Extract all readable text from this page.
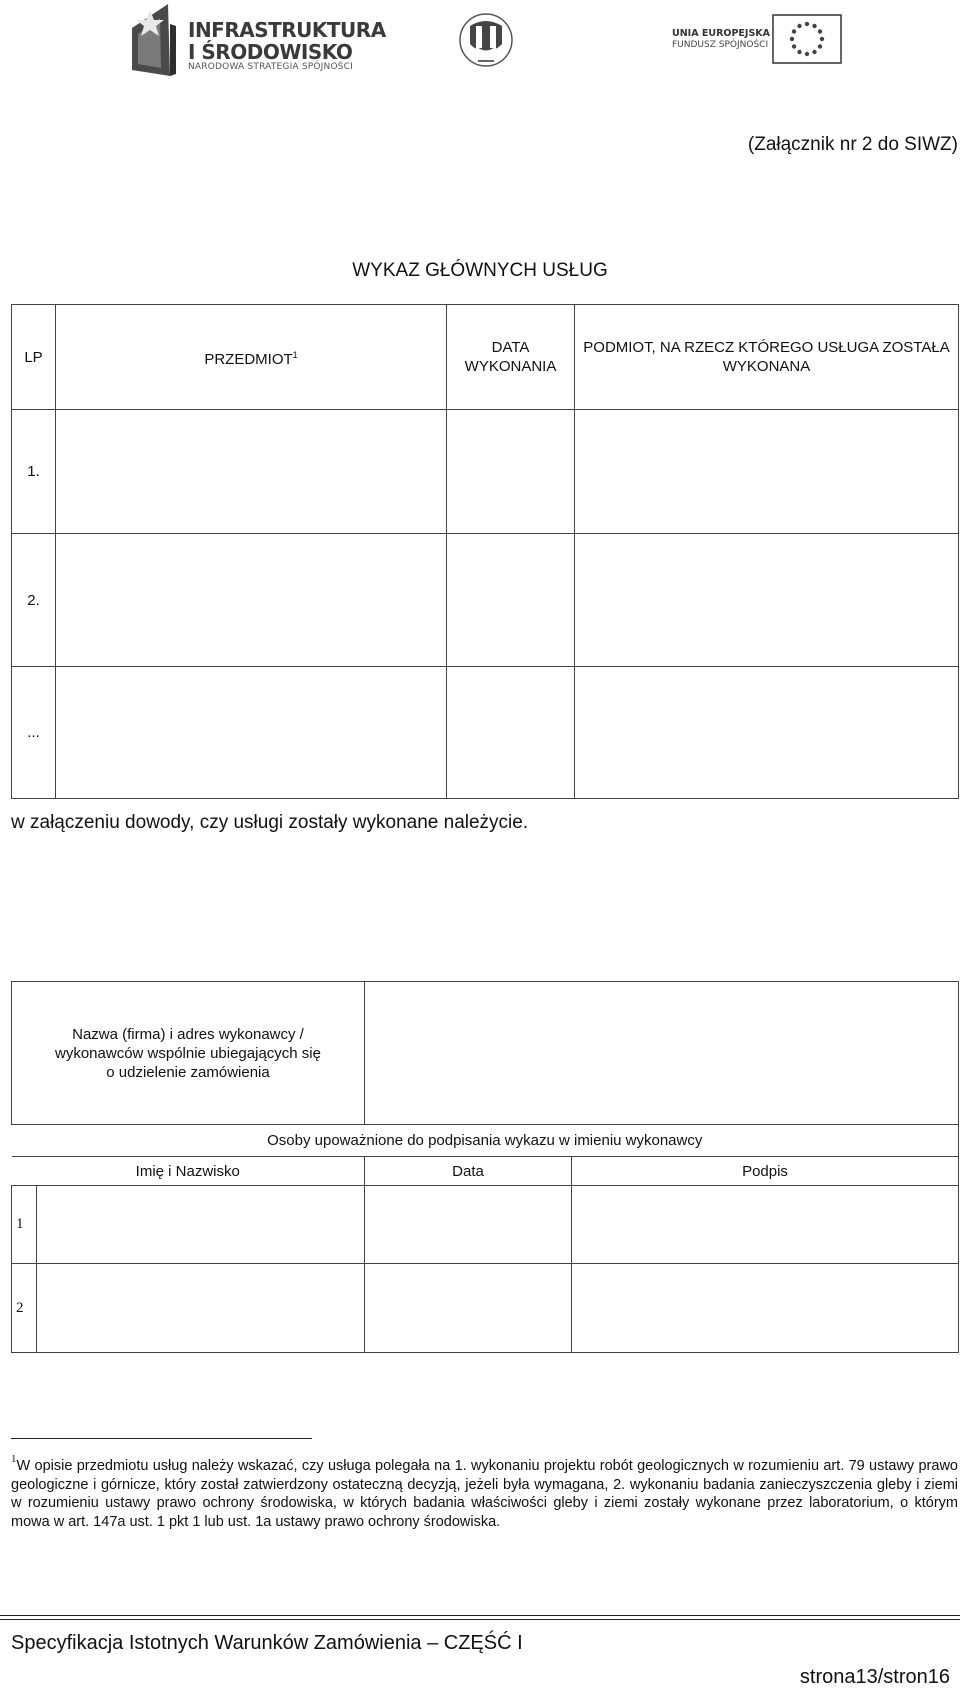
INFRASTRUKTURA
I ŚRODOWISKO
NARODOWA STRATEGIA SPÓJNOŚCI
UNIA EUROPEJSKA
FUNDUSZ SPÓJNOŚCI
(Załącznik nr 2 do SIWZ)
WYKAZ GŁÓWNYCH USŁUG
LP	PRZEDMIOT$^1$	DATA WYKONANIA	PODMIOT, NA RZECZ KTÓREGO USŁUGA ZOSTAŁA WYKONANA
1.			
2.			
...			
w załączeniu dowody, czy usługi zostały wykonane należycie.
Nazwa (firma) i adres wykonawcy / wykonawców wspólnie ubiegających się o udzielenie zamówienia			
Osoby upoważnione do podpisania wykazu w imieniu wykonawcy			
Imię i Nazwisko		Data	Podpis
1			
2			
$^1$W opisie przedmiotu usług należy wskazać, czy usługa polegała na 1. wykonaniu projektu robót geologicznych w rozumieniu art. 79 ustawy prawo geologiczne i górnicze, który został zatwierdzony ostateczną decyzją, jeżeli była wymagana, 2. wykonaniu badania zanieczyszczenia gleby i ziemi w rozumieniu ustawy prawo ochrony środowiska, w których badania właściwości gleby i ziemi zostały wykonane przez laboratorium, o którym mowa w art. 147a ust. 1 pkt 1 lub ust. 1a ustawy prawo ochrony środowiska.
Specyfikacja Istotnych Warunków Zamówienia – CZĘŚĆ I
strona13/stron16
